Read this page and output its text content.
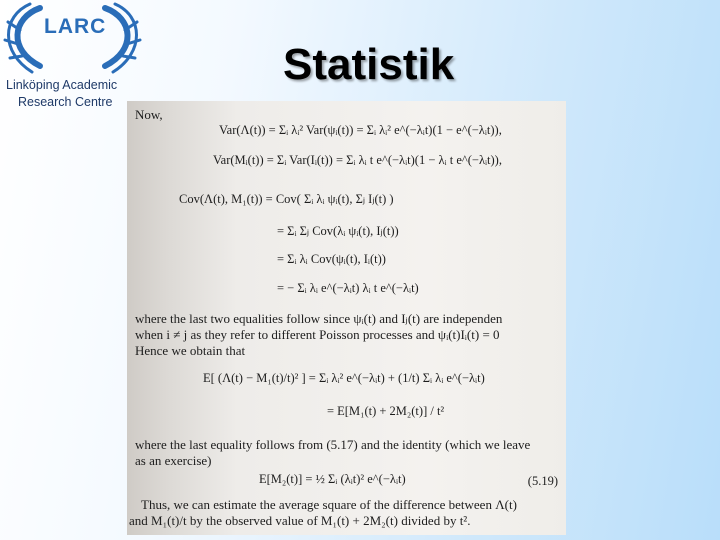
LARC
Linköping Academic
Research Centre
Statistik
Now,
Var(Λ(t)) = Σᵢ λᵢ² Var(ψᵢ(t)) = Σᵢ λᵢ² e^(−λᵢt)(1 − e^(−λᵢt)),
Var(Mᵢ(t)) = Σᵢ Var(Iᵢ(t)) = Σᵢ λᵢ t e^(−λᵢt)(1 − λᵢ t e^(−λᵢt)),
Cov(Λ(t), M₁(t)) = Cov( Σᵢ λᵢ ψᵢ(t), Σⱼ Iⱼ(t) )
= Σᵢ Σⱼ Cov(λᵢ ψᵢ(t), Iⱼ(t))
= Σᵢ λᵢ Cov(ψᵢ(t), Iᵢ(t))
= − Σᵢ λᵢ e^(−λᵢt) λᵢ t e^(−λᵢt)
where the last two equalities follow since ψᵢ(t) and Iⱼ(t) are independen
when i ≠ j as they refer to different Poisson processes and ψᵢ(t)Iᵢ(t) = 0
Hence we obtain that
E[ (Λ(t) − M₁(t)/t)² ] = Σᵢ λᵢ² e^(−λᵢt) + (1/t) Σᵢ λᵢ e^(−λᵢt)
= E[M₁(t) + 2M₂(t)] / t²
where the last equality follows from (5.17) and the identity (which we leave
as an exercise)
E[M₂(t)] = ½ Σᵢ (λᵢt)² e^(−λᵢt)	(5.19)
Thus, we can estimate the average square of the difference between Λ(t)
and M₁(t)/t by the observed value of M₁(t) + 2M₂(t) divided by t².
